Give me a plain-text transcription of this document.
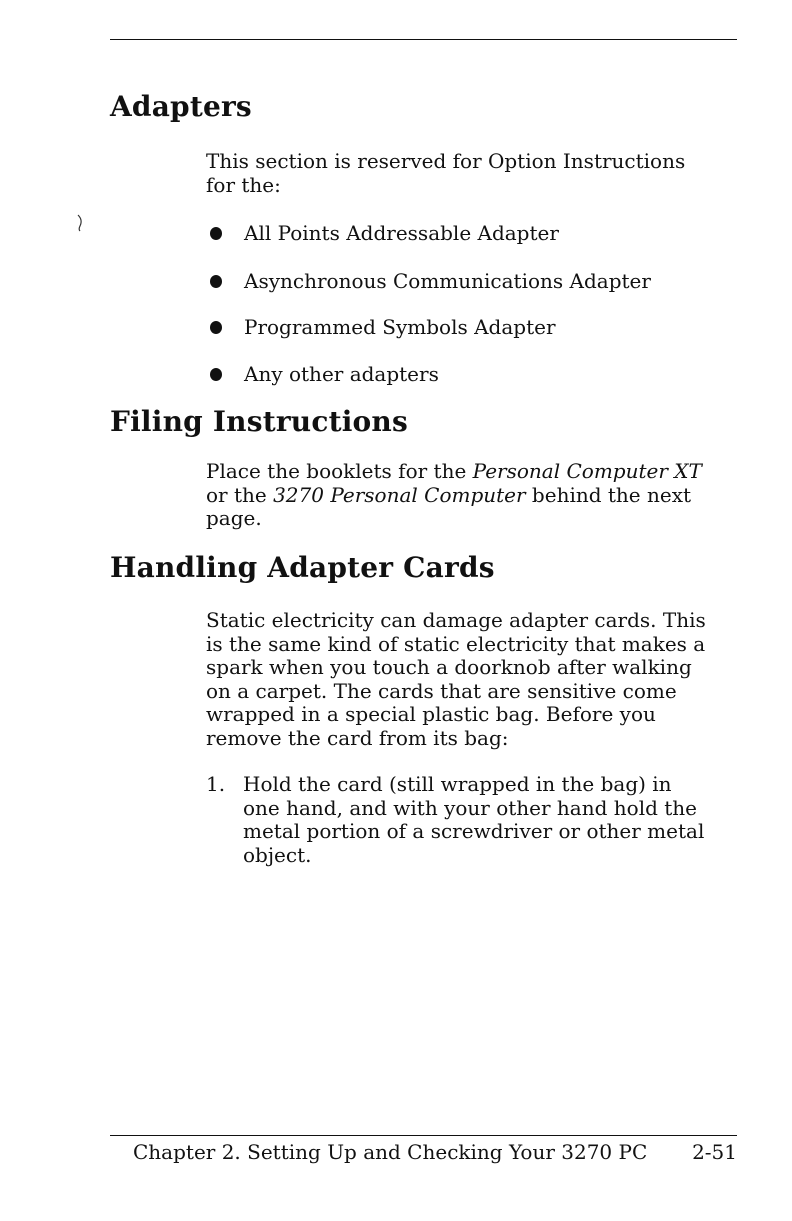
Adapters

This section is reserved for Option Instructions

for the:

All Points Addressable Adapter
Asynchronous Communications Adapter
Programmed Symbols Adapter
Any other adapters
Filing Instructions

Place the booklets for the Personal Computer XT

or the 3270 Personal Computer behind the next

page.

Handling Adapter Cards

Static electricity can damage adapter cards. This

is the same kind of static electricity that makes a

spark when you touch a doorknob after walking

on a carpet. The cards that are sensitive come

wrapped in a special plastic bag. Before you

remove the card from its bag:

1. Hold the card (still wrapped in the bag) in

one hand, and with your other hand hold the

metal portion of a screwdriver or other metal

object.

Chapter 2. Setting Up and Checking Your 3270 PC 2-51
